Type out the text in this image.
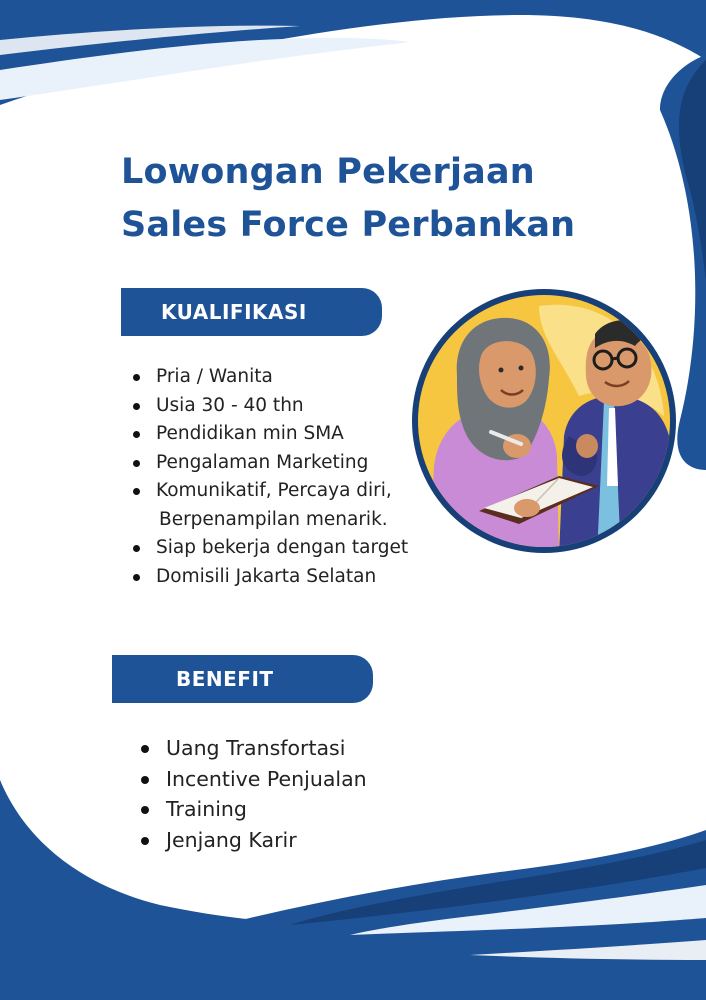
Lowongan Pekerjaan
Sales Force Perbankan
KUALIFIKASI
Pria / Wanita
Usia 30 - 40 thn
Pendidikan min SMA
Pengalaman Marketing
Komunikatif, Percaya diri,
Berpenampilan menarik.
Siap bekerja dengan target
Domisili Jakarta Selatan
BENEFIT
Uang Transfortasi
Incentive Penjualan
Training
Jenjang Karir
